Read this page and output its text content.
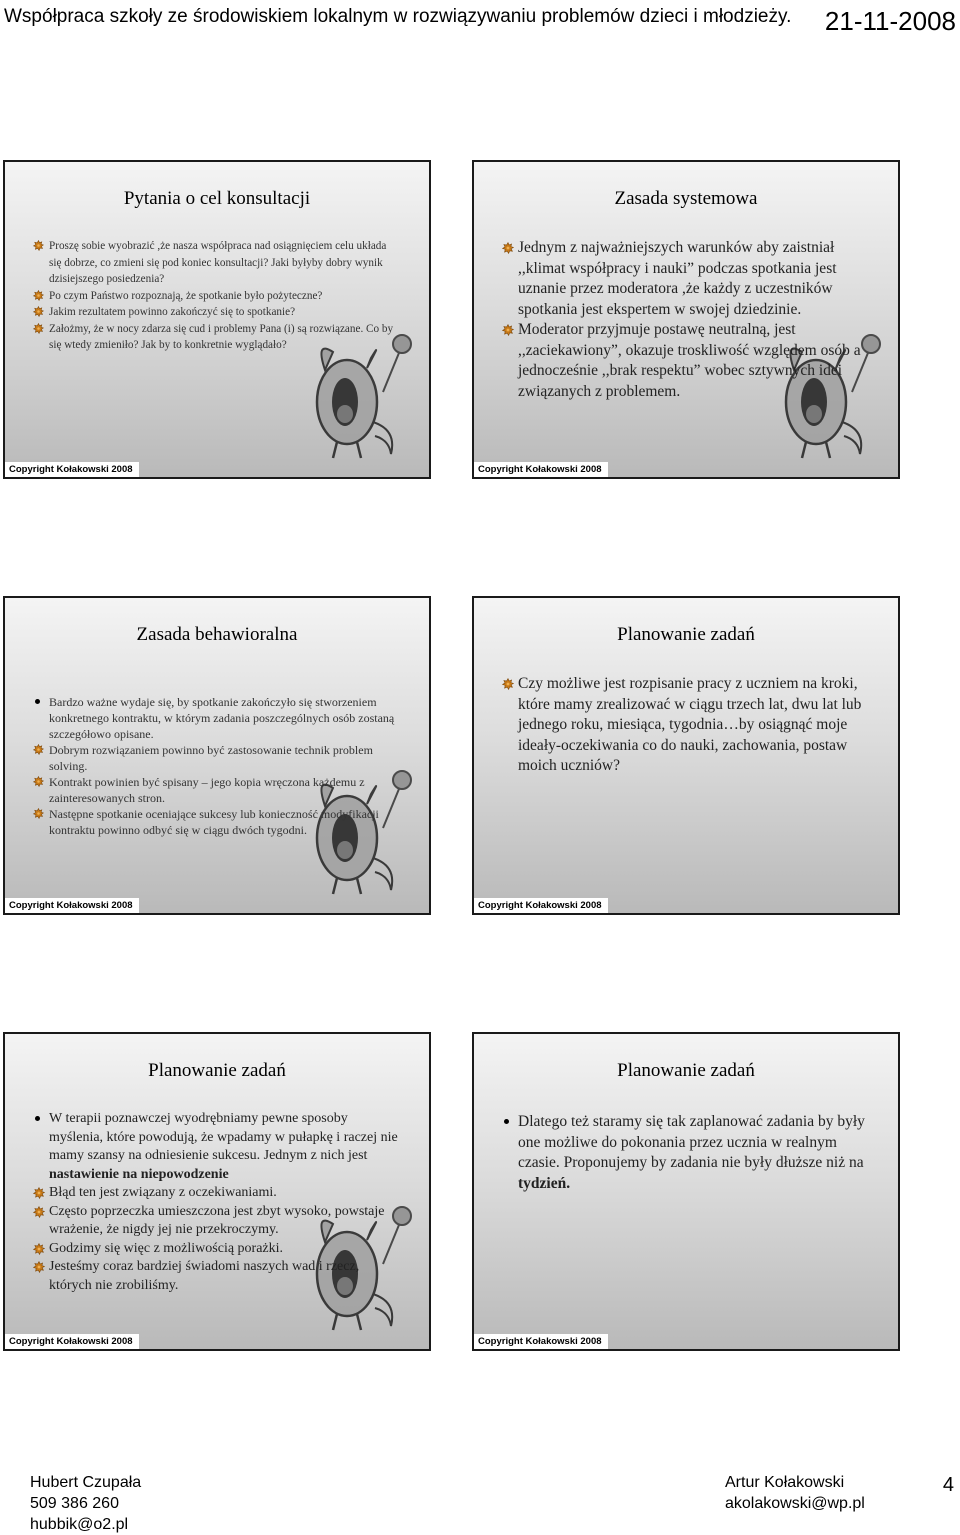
Współpraca szkoły ze środowiskiem lokalnym w rozwiązywaniu problemów dzieci i młodzieży. 21-11-2008
Pytania o cel konsultacji
Proszę sobie wyobrazić ,że nasza współpraca nad osiągnięciem celu układa się dobrze, co zmieni się pod koniec konsultacji? Jaki byłyby dobry wynik dzisiejszego posiedzenia?
Po czym Państwo rozpoznają, że spotkanie było pożyteczne?
Jakim rezultatem powinno zakończyć się to spotkanie?
Założmy, że w nocy zdarza się cud i problemy Pana (i) są rozwiązane. Co by się wtedy zmieniło? Jak by to konkretnie wyglądało?
Copyright Kołakowski 2008
Zasada systemowa
Jednym z najważniejszych warunków aby zaistniał ,,klimat współpracy i nauki” podczas spotkania jest uznanie przez moderatora ,że każdy z uczestników spotkania jest ekspertem w swojej dziedzinie.
Moderator przyjmuje postawę neutralną, jest ,,zaciekawiony”, okazuje troskliwość względem osób a jednocześnie ,,brak respektu” wobec sztywnych idei związanych z problemem.
Copyright Kołakowski 2008
Zasada behawioralna
Bardzo ważne wydaje się, by spotkanie zakończyło się stworzeniem konkretnego kontraktu, w którym zadania poszczególnych osób zostaną szczegółowo opisane.
Dobrym rozwiązaniem powinno być zastosowanie technik problem solving.
Kontrakt powinien być spisany – jego kopia wręczona każdemu z zainteresowanych stron.
Następne spotkanie oceniające sukcesy lub konieczność modyfikacji kontraktu powinno odbyć się w ciągu dwóch tygodni.
Copyright Kołakowski 2008
Planowanie zadań
Czy możliwe jest rozpisanie pracy z uczniem na kroki, które mamy zrealizować w ciągu trzech lat, dwu lat lub jednego roku, miesiąca, tygodnia…by osiągnąć moje ideały-oczekiwania co do nauki, zachowania, postaw moich uczniów?
Copyright Kołakowski 2008
Planowanie zadań
W terapii poznawczej wyodrębniamy pewne sposoby myślenia, które powodują, że wpadamy w pułapkę i raczej nie mamy szansy na odniesienie sukcesu. Jednym z nich jest nastawienie na niepowodzenie
Błąd ten jest związany z oczekiwaniami.
Często poprzeczka umieszczona jest zbyt wysoko, powstaje wrażenie, że nigdy jej nie przekroczymy.
Godzimy się więc z możliwością porażki.
Jesteśmy coraz bardziej świadomi naszych wad i rzecz, których nie zrobiliśmy.
Copyright Kołakowski 2008
Planowanie zadań
Dlatego też staramy się tak zaplanować zadania by były one możliwe do pokonania przez ucznia w realnym czasie. Proponujemy by zadania nie były dłuższe niż na tydzień.
Copyright Kołakowski 2008
Hubert Czupała
509 386 260
hubbik@o2.pl
Artur Kołakowski
akolakowski@wp.pl
4
